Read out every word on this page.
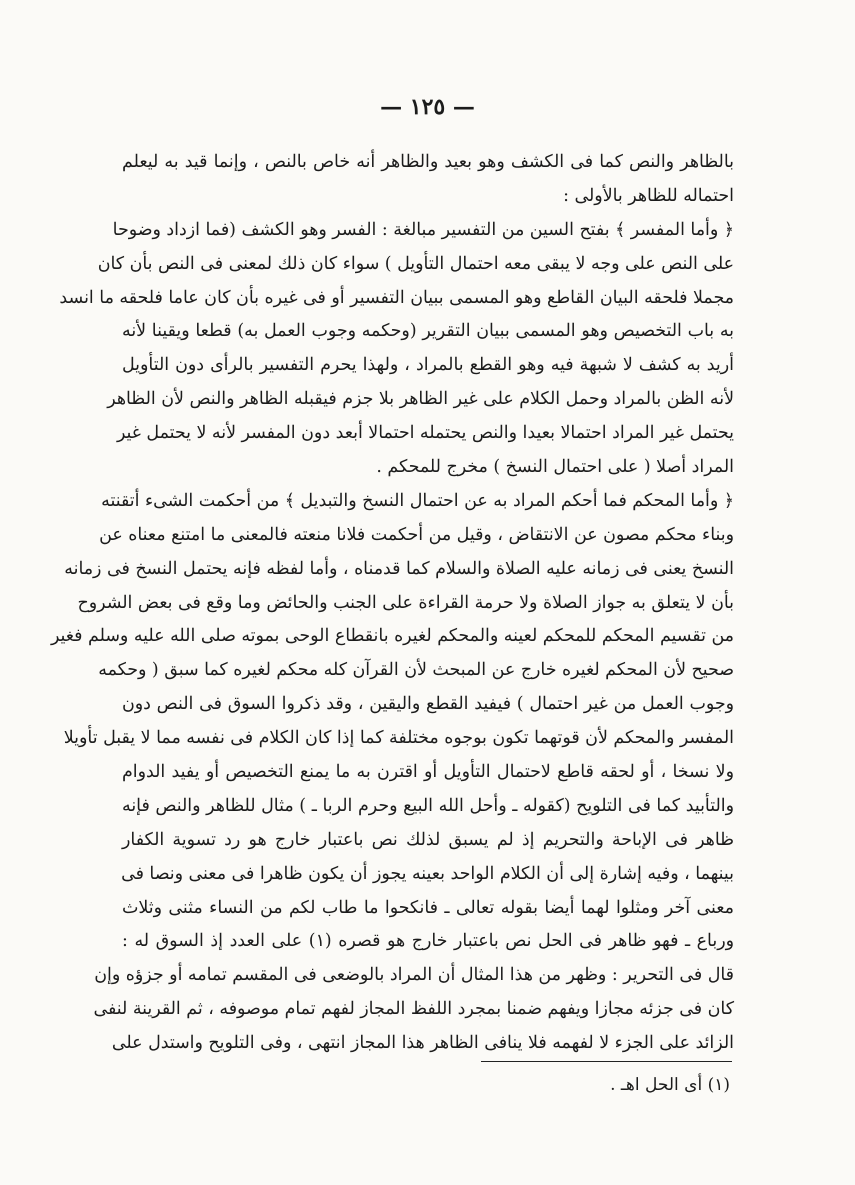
— ١٢٥ —
بالظاهر والنص كما فى الكشف وهو بعيد والظاهر أنه خاص بالنص ، وإنما قيد به ليعلم
احتماله للظاهر بالأولى :
﴿ وأما المفسر ﴾ بفتح السين من التفسير مبالغة : الفسر وهو الكشف (فما ازداد وضوحا
على النص على وجه لا يبقى معه احتمال التأويل ) سواء كان ذلك لمعنى فى النص بأن كان
مجملا فلحقه البيان القاطع وهو المسمى ببيان التفسير أو فى غيره بأن كان عاما فلحقه ما انسد
به باب التخصيص وهو المسمى ببيان التقرير (وحكمه وجوب العمل به) قطعا ويقينا لأنه
أريد به كشف لا شبهة فيه وهو القطع بالمراد ، ولهذا يحرم التفسير بالرأى دون التأويل
لأنه الظن بالمراد وحمل الكلام على غير الظاهر بلا جزم فيقبله الظاهر والنص لأن الظاهر
يحتمل غير المراد احتمالا بعيدا والنص يحتمله احتمالا أبعد دون المفسر لأنه لا يحتمل غير
المراد أصلا ( على احتمال النسخ ) مخرج للمحكم .
﴿ وأما المحكم فما أحكم المراد به عن احتمال النسخ والتبديل ﴾ من أحكمت الشىء أتقنته
وبناء محكم مصون عن الانتقاض ، وقيل من أحكمت فلانا منعته فالمعنى ما امتنع معناه عن
النسخ يعنى فى زمانه عليه الصلاة والسلام كما قدمناه ، وأما لفظه فإنه يحتمل النسخ فى زمانه
بأن لا يتعلق به جواز الصلاة ولا حرمة القراءة على الجنب والحائض وما وقع فى بعض الشروح
من تقسيم المحكم للمحكم لعينه والمحكم لغيره بانقطاع الوحى بموته صلى الله عليه وسلم فغير
صحيح لأن المحكم لغيره خارج عن المبحث لأن القرآن كله محكم لغيره كما سبق ( وحكمه
وجوب العمل من غير احتمال ) فيفيد القطع واليقين ، وقد ذكروا السوق فى النص دون
المفسر والمحكم لأن قوتهما تكون بوجوه مختلفة كما إذا كان الكلام فى نفسه مما لا يقبل تأويلا
ولا نسخا ، أو لحقه قاطع لاحتمال التأويل أو اقترن به ما يمنع التخصيص أو يفيد الدوام
والتأبيد كما فى التلويح (كقوله ـ وأحل الله البيع وحرم الربا ـ ) مثال للظاهر والنص فإنه
ظاهر فى الإباحة والتحريم إذ لم يسبق لذلك نص باعتبار خارج هو رد تسوية الكفار
بينهما ، وفيه إشارة إلى أن الكلام الواحد بعينه يجوز أن يكون ظاهرا فى معنى ونصا فى
معنى آخر ومثلوا لهما أيضا بقوله تعالى ـ فانكحوا ما طاب لكم من النساء مثنى وثلاث
ورباع ـ فهو ظاهر فى الحل نص باعتبار خارج هو قصره (١) على العدد إذ السوق له :
قال فى التحرير : وظهر من هذا المثال أن المراد بالوضعى فى المقسم تمامه أو جزؤه وإن
كان فى جزئه مجازا ويفهم ضمنا بمجرد اللفظ المجاز لفهم تمام موصوفه ، ثم القرينة لنفى
الزائد على الجزء لا لفهمه فلا ينافى الظاهر هذا المجاز انتهى ، وفى التلويح واستدل على
(١) أى الحل اهـ .
